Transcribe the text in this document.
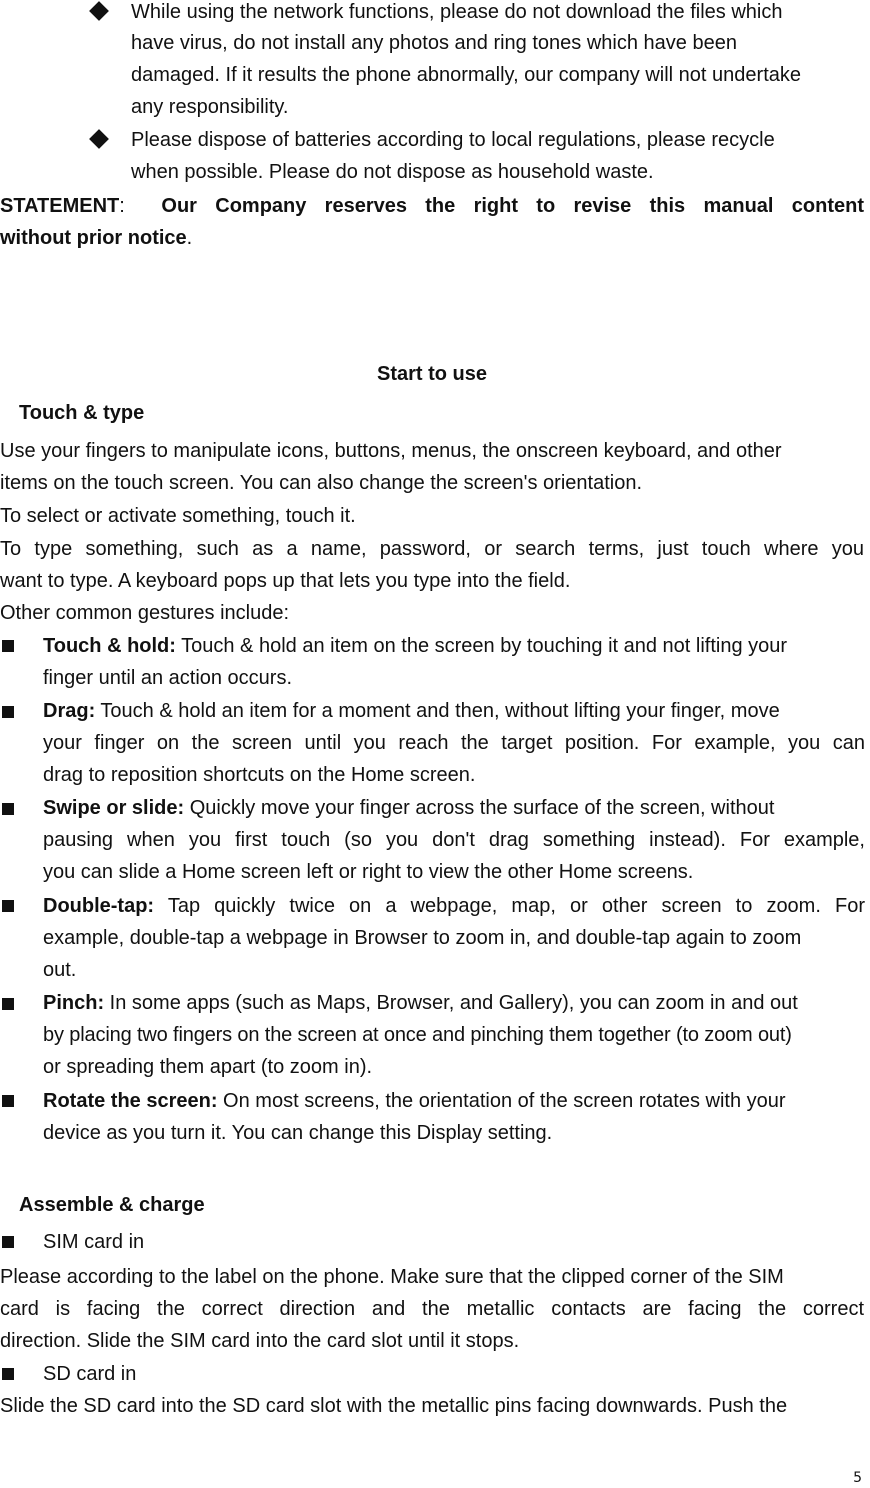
While using the network functions, please do not download the files which
have virus, do not install any photos and ring tones which have been
damaged. If it results the phone abnormally, our company will not undertake
any responsibility.
Please dispose of batteries according to local regulations, please recycle
when possible. Please do not dispose as household waste.
STATEMENT: Our Company reserves the right to revise this manual content
without prior notice.
Start to use
Touch & type
Use your fingers to manipulate icons, buttons, menus, the onscreen keyboard, and other
items on the touch screen. You can also change the screen's orientation.
To select or activate something, touch it.
To type something, such as a name, password, or search terms, just touch where you
want to type. A keyboard pops up that lets you type into the field.
Other common gestures include:
Touch & hold: Touch & hold an item on the screen by touching it and not lifting your
finger until an action occurs.
Drag: Touch & hold an item for a moment and then, without lifting your finger, move
your finger on the screen until you reach the target position. For example, you can
drag to reposition shortcuts on the Home screen.
Swipe or slide: Quickly move your finger across the surface of the screen, without
pausing when you first touch (so you don't drag something instead). For example,
you can slide a Home screen left or right to view the other Home screens.
Double-tap: Tap quickly twice on a webpage, map, or other screen to zoom. For
example, double-tap a webpage in Browser to zoom in, and double-tap again to zoom
out.
Pinch: In some apps (such as Maps, Browser, and Gallery), you can zoom in and out
by placing two fingers on the screen at once and pinching them together (to zoom out)
or spreading them apart (to zoom in).
Rotate the screen: On most screens, the orientation of the screen rotates with your
device as you turn it. You can change this Display setting.
Assemble & charge
SIM card in
Please according to the label on the phone. Make sure that the clipped corner of the SIM
card is facing the correct direction and the metallic contacts are facing the correct
direction. Slide the SIM card into the card slot until it stops.
SD card in
Slide the SD card into the SD card slot with the metallic pins facing downwards. Push the
5
